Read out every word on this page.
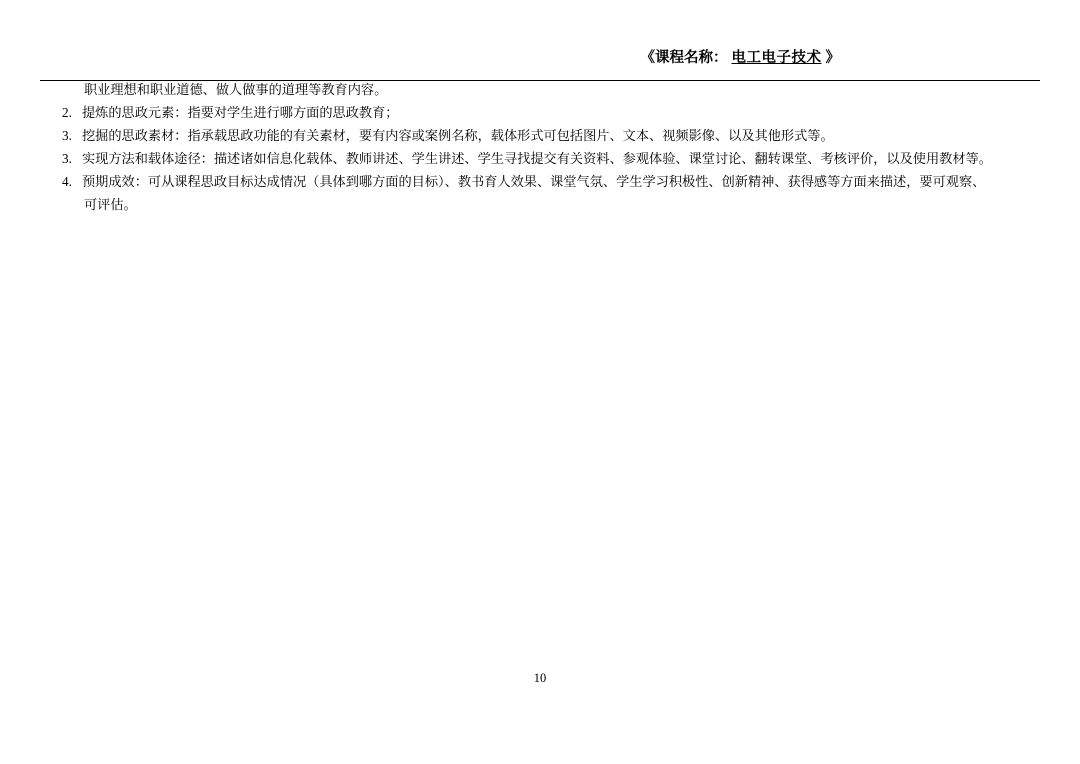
《 课程名称： 电工电子技术 》
职业理想和职业道德、做人做事的道理等教育内容。
2. 提炼的思政元素：指要对学生进行哪方面的思政教育；
3. 挖掘的思政素材：指承载思政功能的有关素材，要有内容或案例名称，载体形式可包括图片、文本、视频影像、以及其他形式等。
3. 实现方法和载体途径：描述诸如信息化载体、教师讲述、学生讲述、学生寻找提交有关资料、参观体验、课堂讨论、翻转课堂、考核评价，以及使用教材等。
4. 预期成效：可从课程思政目标达成情况（具体到哪方面的目标）、教书育人效果、课堂气氛、学生学习积极性、创新精神、获得感等方面来描述，要可观察、
可评估。
10
